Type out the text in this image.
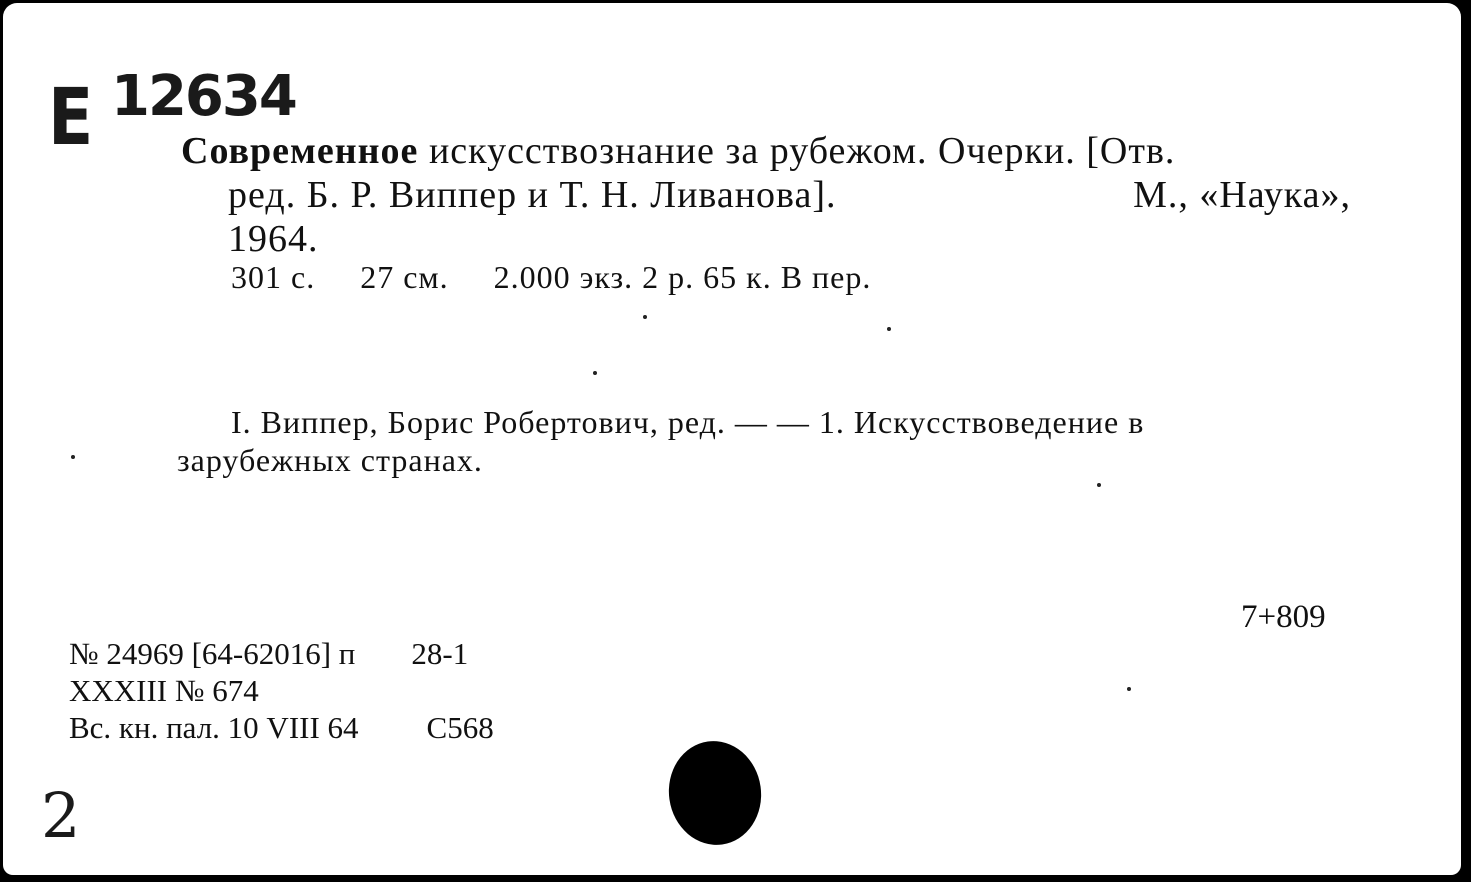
E 12634
Современное искусствознание за рубежом. Очерки. [Отв.
ред. Б. Р. Виппер и Т. Н. Ливанова].	М., «Наука»,
1964.
301 с. 27 см. 2.000 экз. 2 р. 65 к. В пер.
I. Виппер, Борис Робертович, ред. — — 1. Искусствоведение в
зарубежных странах.
7+809
№ 24969 [64-62016] п 28-1
XXXIII № 674
Вс. кн. пал. 10 VIII 64 С568
2
